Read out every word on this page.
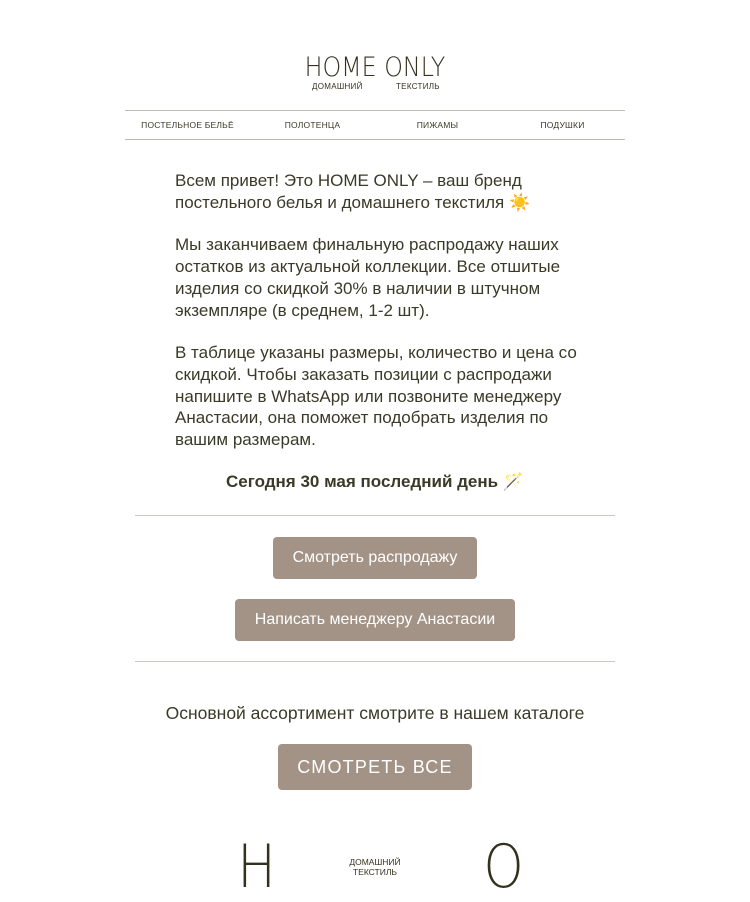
HOME ONLY
ДОМАШНИЙ	ТЕКСТИЛЬ
ПОСТЕЛЬНОЕ БЕЛЬЁ	ПОЛОТЕНЦА	ПИЖАМЫ	ПОДУШКИ

Всем привет! Это HOME ONLY – ваш бренд постельного белья и домашнего текстиля ☀️

Мы заканчиваем финальную распродажу наших остатков из актуальной коллекции. Все отшитые изделия со скидкой 30% в наличии в штучном экземпляре (в среднем, 1-2 шт).

В таблице указаны размеры, количество и цена со скидкой. Чтобы заказать позиции с распродажи напишите в WhatsApp или позвоните менеджеру Анастасии, она поможет подобрать изделия по вашим размерам.

Сегодня 30 мая последний день 🪄
Смотреть распродажу
Написать менеджеру Анастасии
Основной ассортимент смотрите в нашем каталоге
СМОТРЕТЬ ВСЕ
Н	ДОМАШНИЙ
ТЕКСТИЛЬ	О
